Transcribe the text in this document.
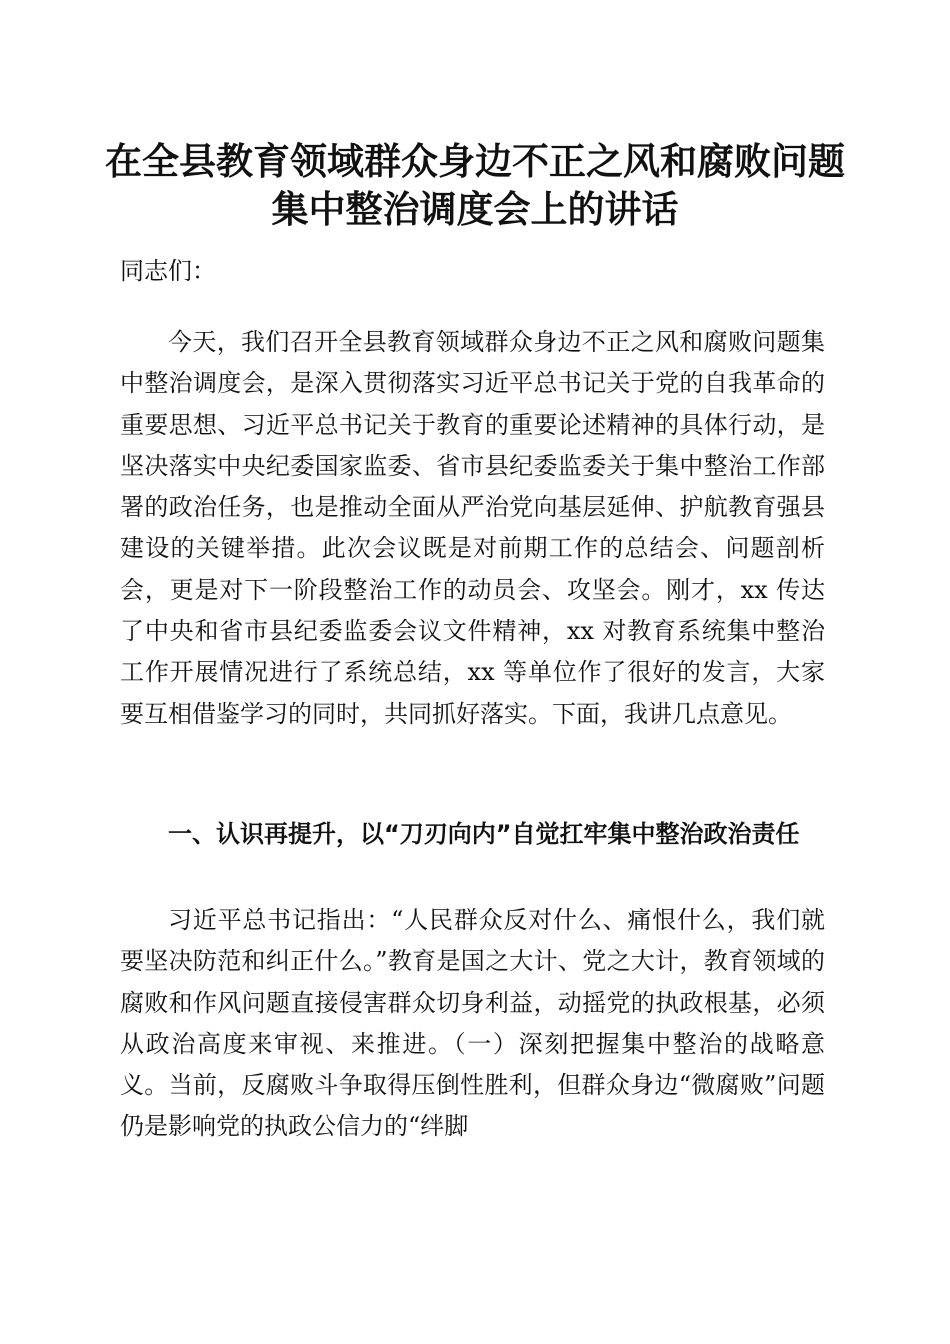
在全县教育领域群众身边不正之风和腐败问题
集中整治调度会上的讲话

同志们：

今天，我们召开全县教育领域群众身边不正之风和腐败问题集中整治调度会，是深入贯彻落实习近平总书记关于党的自我革命的重要思想、习近平总书记关于教育的重要论述精神的具体行动，是坚决落实中央纪委国家监委、省市县纪委监委关于集中整治工作部署的政治任务，也是推动全面从严治党向基层延伸、护航教育强县建设的关键举措。此次会议既是对前期工作的总结会、问题剖析会，更是对下一阶段整治工作的动员会、攻坚会。刚才，xx 传达了中央和省市县纪委监委会议文件精神，xx 对教育系统集中整治工作开展情况进行了系统总结，xx 等单位作了很好的发言，大家要互相借鉴学习的同时，共同抓好落实。下面，我讲几点意见。

一、认识再提升，以“刀刃向内”自觉扛牢集中整治政治责任

习近平总书记指出：“人民群众反对什么、痛恨什么，我们就要坚决防范和纠正什么。”教育是国之大计、党之大计，教育领域的腐败和作风问题直接侵害群众切身利益，动摇党的执政根基，必须从政治高度来审视、来推进。（一）深刻把握集中整治的战略意义。当前，反腐败斗争取得压倒性胜利，但群众身边“微腐败”问题仍是影响党的执政公信力的“绊脚
